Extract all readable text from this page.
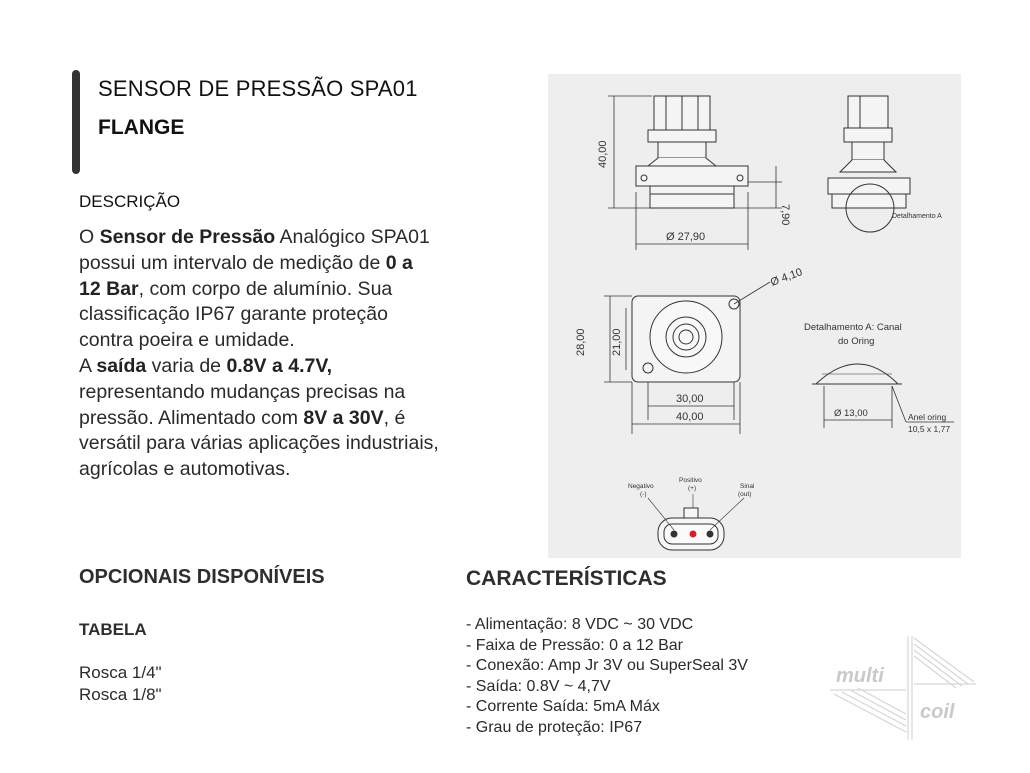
SENSOR DE PRESSÃO SPA01
FLANGE
DESCRIÇÃO

O Sensor de Pressão Analógico SPA01 possui um intervalo de medição de 0 a 12 Bar, com corpo de alumínio. Sua classificação IP67 garante proteção contra poeira e umidade.

A saída varia de 0.8V a 4.7V, representando mudanças precisas na pressão. Alimentado com 8V a 30V, é versátil para várias aplicações industriais, agrícolas e automotivas.

40,00
7,90
Ø 27,90
Detalhamento A
28,00 21,00
30,00
40,00
Ø 4,10
Detalhamento A: Canal
do Oring
Ø 13,00	Anel oring
10,5 x 1,77
Negativo
(-)
Positivo
(+)	Sinal
(out)
OPCIONAIS DISPONÍVEIS
TABELA
Rosca 1/4"
Rosca 1/8"
CARACTERÍSTICAS
- Alimentação: 8 VDC ~ 30 VDC
- Faixa de Pressão: 0 a 12 Bar
- Conexão: Amp Jr 3V ou SuperSeal 3V
- Saída: 0.8V ~ 4,7V
- Corrente Saída: 5mA Máx
- Grau de proteção: IP67
multi
coil
